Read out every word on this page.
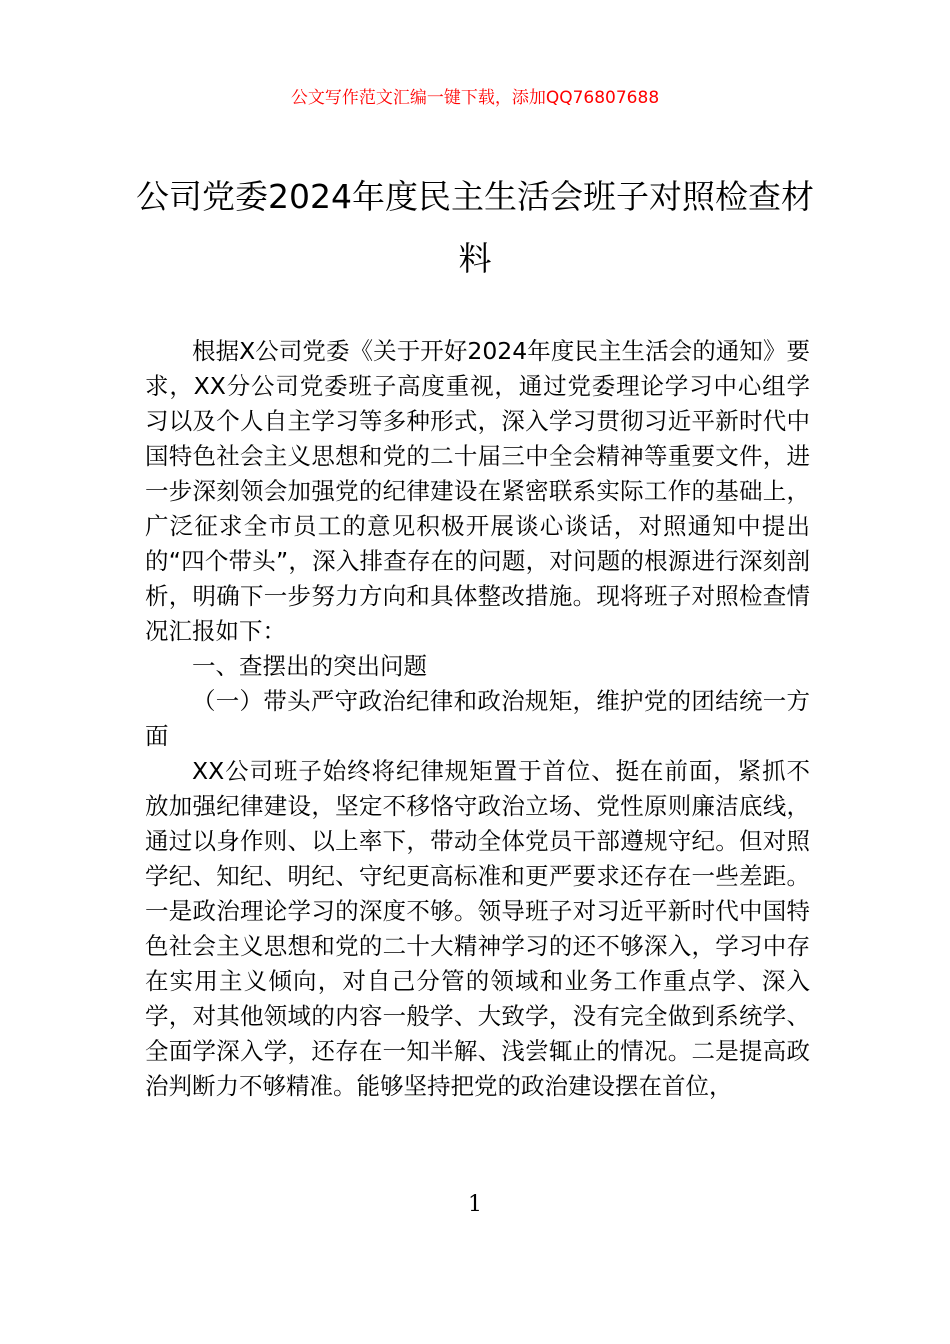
公文写作范文汇编一键下载，添加QQ76807688
公司党委2024年度民主生活会班子对照检查材料

根据X公司党委《关于开好2024年度民主生活会的通知》要求，XX分公司党委班子高度重视，通过党委理论学习中心组学习以及个人自主学习等多种形式，深入学习贯彻习近平新时代中国特色社会主义思想和党的二十届三中全会精神等重要文件，进一步深刻领会加强党的纪律建设在紧密联系实际工作的基础上，广泛征求全市员工的意见积极开展谈心谈话，对照通知中提出的“四个带头”，深入排查存在的问题，对问题的根源进行深刻剖析，明确下一步努力方向和具体整改措施。现将班子对照检查情况汇报如下：

一、查摆出的突出问题

（一）带头严守政治纪律和政治规矩，维护党的团结统一方面

XX公司班子始终将纪律规矩置于首位、挺在前面，紧抓不放加强纪律建设，坚定不移恪守政治立场、党性原则廉洁底线，通过以身作则、以上率下，带动全体党员干部遵规守纪。但对照学纪、知纪、明纪、守纪更高标准和更严要求还存在一些差距。一是政治理论学习的深度不够。领导班子对习近平新时代中国特色社会主义思想和党的二十大精神学习的还不够深入，学习中存在实用主义倾向，对自己分管的领域和业务工作重点学、深入学，对其他领域的内容一般学、大致学，没有完全做到系统学、全面学深入学，还存在一知半解、浅尝辄止的情况。二是提高政治判断力不够精准。能够坚持把党的政治建设摆在首位，

1
